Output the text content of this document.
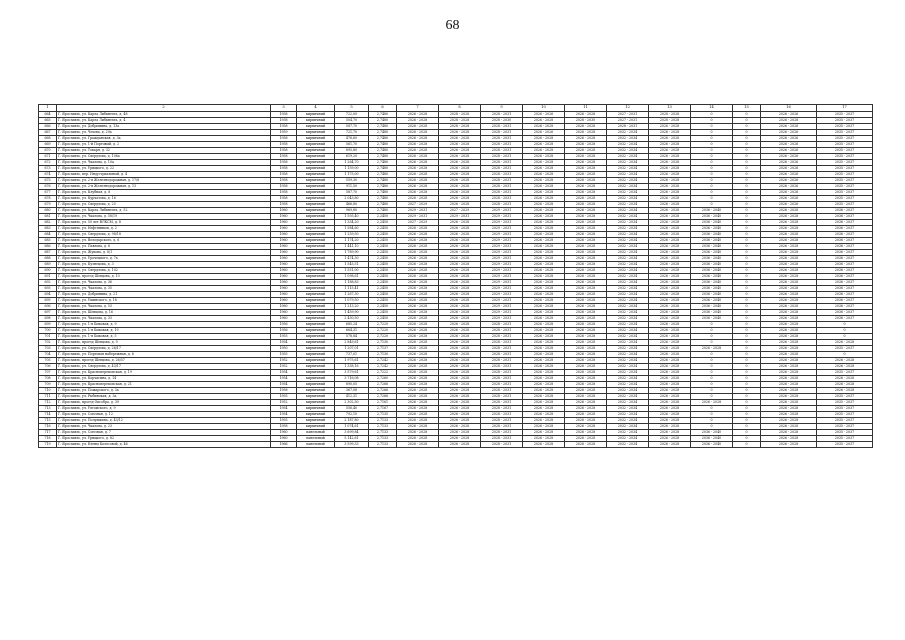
68
1	2	3	4	5	6	7	8	9	10	11	12	13	14	15	16	17
664	Г. Ярославль, ул. Карла Либкнехта, д. 48	1958	кирпичный	722,00	2,7480	2026 - 2028	2028 - 2028	2028 - 2031	2026 - 2026	2026 - 2028	2027 - 2031	2028 - 2028	0	0	2026 - 2026	2035 - 2037
665	Г. Ярославль, ул. Карла Либкнехта, д. 4	1938	кирпичный	504,70	2,7480	2026 - 2028	2028 - 2028	2028 - 2030	2026 - 2028	2028 - 2030	2027 - 2031	2028 - 2028	0	0	2026 - 2028	2035 - 2037
666	Г. Ярославль, ул. Добрынина, д. 13а	1958	кирпичный	587,70	2,7480	2026 - 2028	2028 - 2028	2028 - 2031	2026 - 2028	2026 - 2028	2028 - 2031	2026 - 2028	0	0	2026 - 2026	2035 - 2037
667	Г. Ярославль, ул. Чехова, д. 29а	1959	кирпичный	721,70	2,7480	2026 - 2028	2026 - 2028	2028 - 2031	2026 - 2026	2026 - 2028	2032 - 2034	2026 - 2028	0	0	2026 - 2026	2035 - 2037
668	Г. Ярославль, ул. Гражданская, д. 3а	1958	кирпичный	476,60	2,7480	2026 - 2028	2026 - 2028	2028 - 2031	2026 - 2028	2026 - 2028	2032 - 2034	2026 - 2028	0	0	2026 - 2026	2035 - 2037
669	Г. Ярославль, ул. 1-й Портовый, д. 2	1958	кирпичный	561,70	2,7480	2026 - 2028	2026 - 2028	2028 - 2031	2026 - 2028	2026 - 2028	2032 - 2034	2026 - 2028	0	0	2026 - 2026	2035 - 2037
670	Г. Ярославль, ул. Токаря, д. 32	1958	кирпичный	895,80	2,7480	2026 - 2028	2026 - 2028	2028 - 2031	2026 - 2028	2026 - 2028	2032 - 2034	2026 - 2028	0	0	2026 - 2026	2035 - 2037
671	Г. Ярославль, ул. Свердлова, д. 106а	1958	кирпичный	619,20	2,7480	2026 - 2028	2026 - 2028	2028 - 2031	2026 - 2028	2026 - 2028	2032 - 2034	2026 - 2028	0	0	2026 - 2026	2035 - 2037
672	Г. Ярославль, ул. Чкалова, д. 10а	1958	кирпичный	1 264,70	2,7480	2026 - 2028	2026 - 2028	2028 - 2031	2026 - 2028	2026 - 2028	2032 - 2034	2026 - 2028	0	0	2026 - 2026	2035 - 2037
673	Г. Ярославль, ул. Урицкого, д. 22	1958	кирпичный	1 159,00	2,7480	2026 - 2028	2026 - 2028	2028 - 2031	2026 - 2028	2026 - 2028	2032 - 2034	2026 - 2028	0	0	2026 - 2026	2035 - 2037
674	Г. Ярославль, пер. Индустриальный, д. 4	1958	кирпичный	1 175,00	2,7480	2026 - 2028	2026 - 2028	2028 - 2031	2026 - 2028	2026 - 2028	2032 - 2034	2026 - 2028	0	0	2026 - 2026	2035 - 2037
675	Г. Ярославль, ул. 2-я Железнодорожная, д. 17/8	1958	кирпичный	559,30	2,7480	2026 - 2028	2026 - 2028	2028 - 2031	2026 - 2028	2026 - 2028	2032 - 2034	2026 - 2028	0	0	2026 - 2026	2035 - 2037
676	Г. Ярославль, ул. 2-я Железнодорожная, д. 13	1958	кирпичный	911,50	2,7480	2026 - 2028	2026 - 2028	2028 - 2031	2026 - 2028	2026 - 2028	2032 - 2034	2026 - 2028	0	0	2026 - 2026	2035 - 2037
677	Г. Ярославль, ул. Клубная, д. 8	1958	кирпичный	587,70	2,7480	2026 - 2028	2026 - 2028	2028 - 2031	2026 - 2028	2026 - 2028	2032 - 2034	2026 - 2028	0	0	2026 - 2026	2035 - 2037
678	Г. Ярославль, ул. Курчатова, д. 16	1958	кирпичный	2 043,80	2,7480	2026 - 2028	2026 - 2028	2028 - 2031	2026 - 2028	2026 - 2028	2032 - 2034	2026 - 2028	0	0	2026 - 2026	2035 - 2037
679	Г. Ярославль, ул. Свердлова, д. 25	1958	кирпичный	466,80	2,7480	2027 - 2029	2026 - 2028	2028 - 2031	2026 - 2028	2026 - 2028	2032 - 2034	2026 - 2028	0	0	2026 - 2026	2035 - 2037
680	Г. Ярославль, ул. Карла Либкнехта, д. 52	1960	кирпичный	969,80	2,7480	2029 - 2031	2027 - 2029	2029 - 2031	2026 - 2028	2026 - 2028	2032 - 2034	2026 - 2028	2036 - 2040	0	2026 - 2028	2036 - 2037
681	Г. Ярославль, ул. Чкалова, д. 58/19	1960	кирпичный	1 593,40	2,2450	2029 - 2031	2029 - 2031	2029 - 2031	2026 - 2028	2026 - 2028	2032 - 2034	2026 - 2028	2036 - 2040	0	2026 - 2028	2036 - 2037
682	Г. Ярославль, ул. 50 лет ВЛКСМ, д. 8	1960	кирпичный	1 334,20	2,2450	2027 - 2029	2026 - 2028	2029 - 2031	2026 - 2028	2026 - 2028	2032 - 2034	2026 - 2028	2036 - 2040	0	2026 - 2028	2036 - 2037
683	Г. Ярославль, ул. Нефтяников, д. 2	1960	кирпичный	1 584,60	2,2450	2026 - 2028	2026 - 2028	2029 - 2031	2026 - 2028	2026 - 2028	2032 - 2034	2026 - 2028	2036 - 2040	0	2026 - 2028	2036 - 2037
684	Г. Ярославль, ул. Свердлова, д. 98/18	1960	кирпичный	1 259,50	2,2450	2026 - 2028	2026 - 2028	2029 - 2031	2026 - 2028	2026 - 2028	2032 - 2034	2026 - 2028	2036 - 2040	0	2026 - 2028	2036 - 2037
685	Г. Ярославль, ул. Володарского, д. 6	1960	кирпичный	1 174,20	2,2450	2026 - 2028	2026 - 2028	2029 - 2031	2026 - 2028	2026 - 2028	2032 - 2034	2026 - 2028	2036 - 2040	0	2026 - 2028	2036 - 2037
686	Г. Ярославль, ул. Павлова, д. 6	1960	кирпичный	1 441,10	2,2450	2026 - 2028	2026 - 2028	2029 - 2031	2026 - 2028	2026 - 2028	2032 - 2034	2026 - 2028	2036 - 2040	0	2026 - 2028	2036 - 2037
687	Г. Ярославль, ул. Жукова, д. 8/1	1960	кирпичный	1 789,90	2,2450	2026 - 2028	2026 - 2028	2029 - 2031	2026 - 2028	2026 - 2028	2032 - 2034	2026 - 2028	2036 - 2040	0	2026 - 2028	2036 - 2037
688	Г. Ярославль, ул. Урочецкого, д. 7а	1960	кирпичный	1 474,30	2,2450	2026 - 2028	2026 - 2028	2029 - 2031	2026 - 2028	2026 - 2028	2032 - 2034	2026 - 2028	2036 - 2040	0	2026 - 2028	2036 - 2037
689	Г. Ярославль, ул. Кузнецова, д. 3	1960	кирпичный	1 545,51	2,2450	2026 - 2028	2026 - 2028	2029 - 2031	2026 - 2028	2026 - 2028	2032 - 2034	2026 - 2028	2036 - 2040	0	2026 - 2028	2036 - 2037
690	Г. Ярославль, ул. Свердлова, д. 102	1960	кирпичный	1 551,00	2,2450	2026 - 2028	2026 - 2028	2029 - 2031	2026 - 2028	2026 - 2028	2032 - 2034	2026 - 2028	2036 - 2040	0	2026 - 2028	2036 - 2037
691	Г. Ярославль, проезд Шевцова, д. 10	1960	кирпичный	1 098,61	2,2450	2026 - 2028	2026 - 2028	2029 - 2031	2026 - 2028	2026 - 2028	2032 - 2034	2026 - 2028	2036 - 2040	0	2026 - 2028	2036 - 2037
692	Г. Ярославль, ул. Чкалова, д. 36	1960	кирпичный	1 188,83	2,2450	2026 - 2028	2026 - 2028	2029 - 2031	2026 - 2028	2026 - 2028	2032 - 2034	2026 - 2028	2036 - 2040	0	2026 - 2028	2036 - 2037
693	Г. Ярославль, ул. Чкалова, д. 35	1960	кирпичный	1 115,41	2,2450	2026 - 2028	2026 - 2028	2029 - 2031	2026 - 2028	2026 - 2028	2032 - 2034	2026 - 2028	2036 - 2040	0	2026 - 2028	2036 - 2037
694	Г. Ярославль, ул. Добрынина, д. 21	1960	кирпичный	1 267,30	2,2450	2026 - 2028	2026 - 2028	2029 - 2031	2026 - 2028	2026 - 2028	2032 - 2034	2026 - 2028	2036 - 2040	0	2026 - 2028	2036 - 2037
695	Г. Ярославль, ул. Ушинского, д. 18	1960	кирпичный	1 079,50	2,2450	2026 - 2028	2026 - 2028	2029 - 2031	2026 - 2028	2026 - 2028	2032 - 2034	2026 - 2028	2036 - 2040	0	2026 - 2028	2036 - 2037
696	Г. Ярославль, ул. Чкалова, д. 53	1960	кирпичный	1 213,20	2,2450	2026 - 2028	2026 - 2028	2029 - 2031	2026 - 2028	2026 - 2028	2032 - 2034	2026 - 2028	2036 - 2040	0	2026 - 2028	2036 - 2037
697	Г. Ярославль, ул. Шевцова, д. 16	1960	кирпичный	1 459,90	2,2450	2026 - 2028	2026 - 2028	2029 - 2031	2026 - 2028	2026 - 2028	2032 - 2034	2026 - 2028	2036 - 2040	0	2026 - 2028	2036 - 2037
698	Г. Ярославль, ул. Чкалова, д. 33	1960	кирпичный	2 430,50	2,2450	2026 - 2028	2026 - 2028	2029 - 2031	2026 - 2028	2026 - 2028	2032 - 2034	2026 - 2028	2036 - 2040	0	2026 - 2028	2036 - 2037
699	Г. Ярославль, ул. 1-я Быковая, д. 9	1956	кирпичный	685,24	2,7220	2026 - 2028	2026 - 2028	2028 - 2031	2026 - 2028	2026 - 2028	2032 - 2034	2026 - 2028	0	0	2026 - 2028	0
700	Г. Ярославль, ул. 1-я Быковая, д. 19	1956	кирпичный	664,31	2,7220	2026 - 2028	2026 - 2028	2028 - 2031	2026 - 2028	2026 - 2028	2032 - 2034	2026 - 2028	0	0	2026 - 2028	0
701	Г. Ярославль, ул. 1-я Быковая, д. 5	1955	кирпичный	578,84	2,7220	2026 - 2028	2026 - 2028	2028 - 2031	2026 - 2028	2026 - 2028	2032 - 2034	2026 - 2028	0	0	2026 - 2028	0
702	Г. Ярославль, проезд Шевцова, д. 9	1954	кирпичный	2 849,61	2,7130	2026 - 2028	2026 - 2028	2028 - 2031	2026 - 2028	2026 - 2028	2032 - 2034	2026 - 2028	0	0	2026 - 2028	2026 - 2028
703	Г. Ярославль, ул. Свердлова, д. 26/17	1950	кирпичный	1 207,01	2,7137	2026 - 2028	2026 - 2028	2028 - 2031	2026 - 2028	2026 - 2028	2032 - 2034	2026 - 2028	2026 - 2028	0	2026 - 2028	2035 - 2037
704	Г. Ярославль, ул. Портовая набережная, д. 6	1955	кирпичный	737,01	2,7130	2026 - 2028	2026 - 2028	2028 - 2031	2026 - 2028	2026 - 2028	2032 - 2034	2026 - 2028	0	0	2026 - 2028	0
705	Г. Ярославль, проезд Шевцова, д. 26/57	1952	кирпичный	1 975,61	2,7242	2026 - 2028	2026 - 2028	2028 - 2031	2026 - 2028	2026 - 2028	2032 - 2034	2026 - 2028	0	0	2026 - 2028	2026 - 2028
706	Г. Ярославль, ул. Свердлова, д. 43/17	1952	кирпичный	1 338,16	2,7242	2026 - 2028	2026 - 2028	2028 - 2031	2026 - 2028	2026 - 2028	2032 - 2034	2026 - 2028	0	0	2026 - 2028	2026 - 2028
707	Г. Ярославль, ул. Красноперекопская, д. 19	1954	кирпичный	3 579,61	2,7222	2026 - 2028	2026 - 2028	2028 - 2031	2026 - 2028	2026 - 2028	2032 - 2034	2026 - 2028	0	0	2026 - 2028	2035 - 2037
708	Г. Ярославль, ул. Корчагина, д. 14	1954	кирпичный	3 716,08	2,7260	2026 - 2028	2026 - 2028	2028 - 2031	2026 - 2028	2026 - 2028	2032 - 2034	2026 - 2028	0	0	2026 - 2028	2026 - 2028
709	Г. Ярославль, ул. Красноперекопская, д. 21	1954	кирпичный	890,05	2,7266	2026 - 2028	2026 - 2028	2028 - 2031	2026 - 2028	2026 - 2028	2032 - 2034	2026 - 2028	0	0	2026 - 2028	2026 - 2028
710	Г. Ярославль, ул. Пожарского, д. 3а	1958	кирпичный	367,08	2,7266	2026 - 2028	2026 - 2028	2028 - 2031	2026 - 2028	2026 - 2028	2032 - 2034	2026 - 2028	0	0	2026 - 2028	2026 - 2028
711	Г. Ярославль, ул. Рыбинская, д. 3а	1955	кирпичный	412,31	2,7266	2026 - 2028	2026 - 2028	2028 - 2031	2026 - 2028	2026 - 2028	2032 - 2034	2026 - 2028	0	0	2026 - 2028	2035 - 2037
712	Г. Ярославль, проезд Оксобра, д. 39	1952	кирпичный	2 302,50	2,7161	2026 - 2028	2026 - 2028	2028 - 2031	2026 - 2028	2026 - 2028	2032 - 2034	2026 - 2028	2026 - 2028	0	2026 - 2028	2035 - 2037
713	Г. Ярославль, ул. Ухтомского, д. 9	1954	кирпичный	556,40	2,7167	2026 - 2028	2026 - 2028	2028 - 2031	2026 - 2028	2026 - 2028	2032 - 2034	2026 - 2028	0	0	2026 - 2028	2035 - 2037
714	Г. Ярославль, ул. Союзная, д. 12	1954	кирпичный	792,10	2,7135	2026 - 2028	2026 - 2028	2028 - 2031	2026 - 2028	2026 - 2028	2032 - 2034	2026 - 2028	0	0	2026 - 2028	2035 - 2037
715	Г. Ярославль, ул. Полушкина, д. 43/12	1955	кирпичный	2 187,80	2,7133	2026 - 2028	2026 - 2028	2028 - 2031	2026 - 2028	2026 - 2028	2032 - 2034	2026 - 2028	0	0	2026 - 2028	2035 - 2037
716	Г. Ярославль, ул. Чкалова, д. 23	1958	кирпичный	1 074,61	2,7133	2026 - 2028	2026 - 2028	2028 - 2031	2026 - 2028	2026 - 2028	2032 - 2034	2026 - 2028	0	0	2026 - 2028	2035 - 2037
717	Г. Ярославль, ул. Союзная, д. 7	1960	панельный	3 699,84	2,7133	2026 - 2028	2026 - 2028	2028 - 2031	2026 - 2028	2026 - 2028	2032 - 2034	2026 - 2028	2036 - 2040	0	2026 - 2028	2035 - 2037
718	Г. Ярославль, ул. Урицкого, д. 82	1960	панельный	5 142,61	2,7133	2026 - 2028	2026 - 2028	2028 - 2031	2026 - 2028	2026 - 2028	2032 - 2034	2026 - 2028	2036 - 2040	0	2026 - 2028	2035 - 2037
719	Г. Ярославль, ул. Елены Колесовой, д. 46	1966	панельный	3 599,33	2,7133	2026 - 2028	2026 - 2028	2028 - 2031	2026 - 2028	2026 - 2028	2032 - 2034	2026 - 2028	2036 - 2040	0	2026 - 2028	2035 - 2037
